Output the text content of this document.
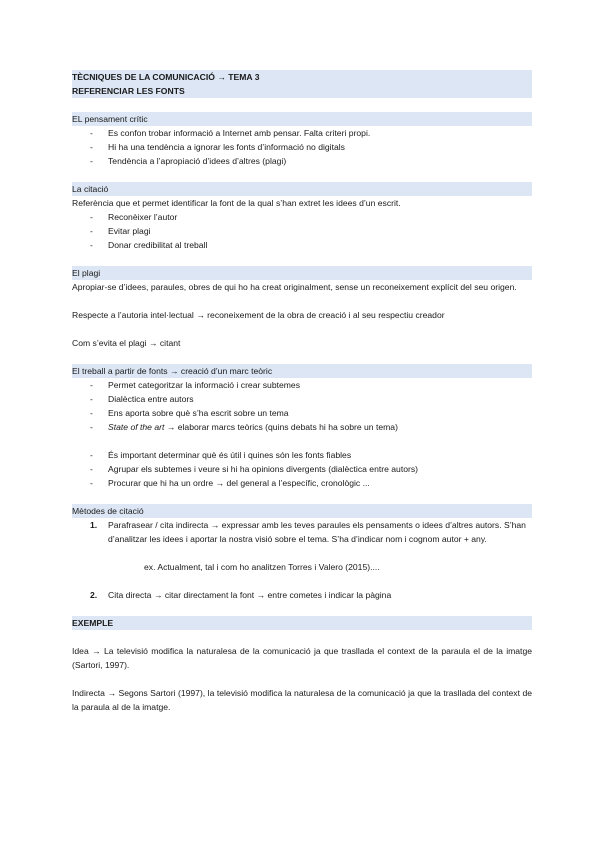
TÈCNIQUES DE LA COMUNICACIÓ → TEMA 3
REFERENCIAR LES FONTS
EL pensament crític
- Es confon trobar informació a Internet amb pensar. Falta criteri propi.
- Hi ha una tendència a ignorar les fonts d’informació no digitals
- Tendència a l’apropiació d’idees d’altres (plagi)
La citació
Referència que et permet identificar la font de la qual s’han extret les idees d’un escrit.
- Reconèixer l’autor
- Evitar plagi
- Donar credibilitat al treball
El plagi
Apropiar-se d’idees, paraules, obres de qui ho ha creat originalment, sense un reconeixement explícit del seu origen.
Respecte a l’autoria intel·lectual → reconeixement de la obra de creació i al seu respectiu creador
Com s’evita el plagi → citant
El treball a partir de fonts → creació d’un marc teòric
- Permet categoritzar la informació i crear subtemes
- Dialèctica entre autors
- Ens aporta sobre què s’ha escrit sobre un tema
- State of the art → elaborar marcs teòrics (quins debats hi ha sobre un tema)
- És important determinar què és útil i quines són les fonts fiables
- Agrupar els subtemes i veure si hi ha opinions divergents (dialèctica entre autors)
- Procurar que hi ha un ordre → del general a l’específic, cronològic ...
Mètodes de citació
1. Parafrasear / cita indirecta → expressar amb les teves paraules els pensaments o idees d’altres autors. S’han d’analitzar les idees i aportar la nostra visió sobre el tema. S’ha d’indicar nom i cognom autor + any.
ex. Actualment, tal i com ho analitzen Torres i Valero (2015)....
2. Cita directa → citar directament la font → entre cometes i indicar la pàgina
EXEMPLE
Idea → La televisió modifica la naturalesa de la comunicació ja que trasllada el context de la paraula el de la imatge (Sartori, 1997).
Indirecta → Segons Sartori (1997), la televisió modifica la naturalesa de la comunicació ja que la trasllada del context de la paraula al de la imatge.
